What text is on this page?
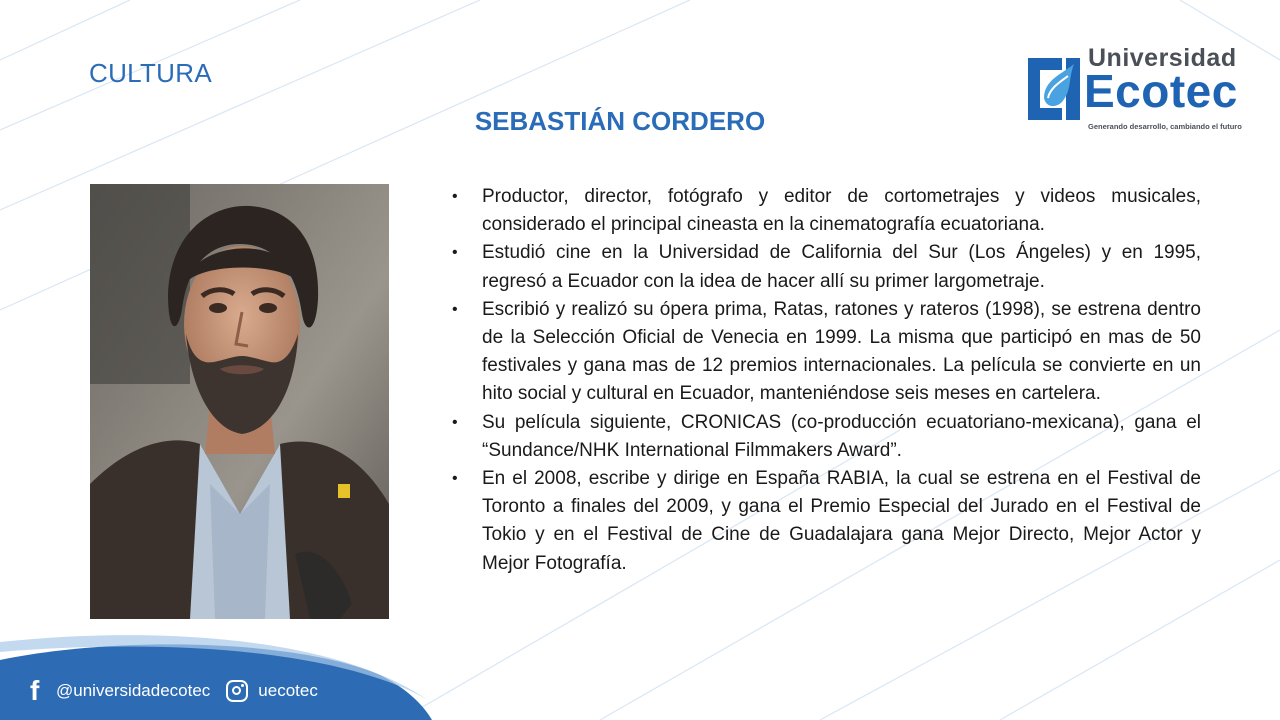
CULTURA
SEBASTIÁN CORDERO
Universidad
Ecotec
Generando desarrollo, cambiando el futuro
• Productor, director, fotógrafo y editor de cortometrajes y videos musicales, considerado el principal cineasta en la cinematografía ecuatoriana.
• Estudió cine en la Universidad de California del Sur (Los Ángeles) y en 1995, regresó a Ecuador con la idea de hacer allí su primer largometraje.
• Escribió y realizó su ópera prima, Ratas, ratones y rateros (1998), se estrena dentro de la Selección Oficial de Venecia en 1999. La misma que participó en mas de 50 festivales y gana mas de 12 premios internacionales. La película se convierte en un hito social y cultural en Ecuador, manteniéndose seis meses en cartelera.
• Su película siguiente, CRONICAS (co-producción ecuatoriano-mexicana), gana el “Sundance/NHK International Filmmakers Award”.
• En el 2008, escribe y dirige en España RABIA, la cual se estrena en el Festival de Toronto a finales del 2009, y gana el Premio Especial del Jurado en el Festival de Tokio y en el Festival de Cine de Guadalajara gana Mejor Directo, Mejor Actor y Mejor Fotografía.
f @universidadecotec	uecotec
